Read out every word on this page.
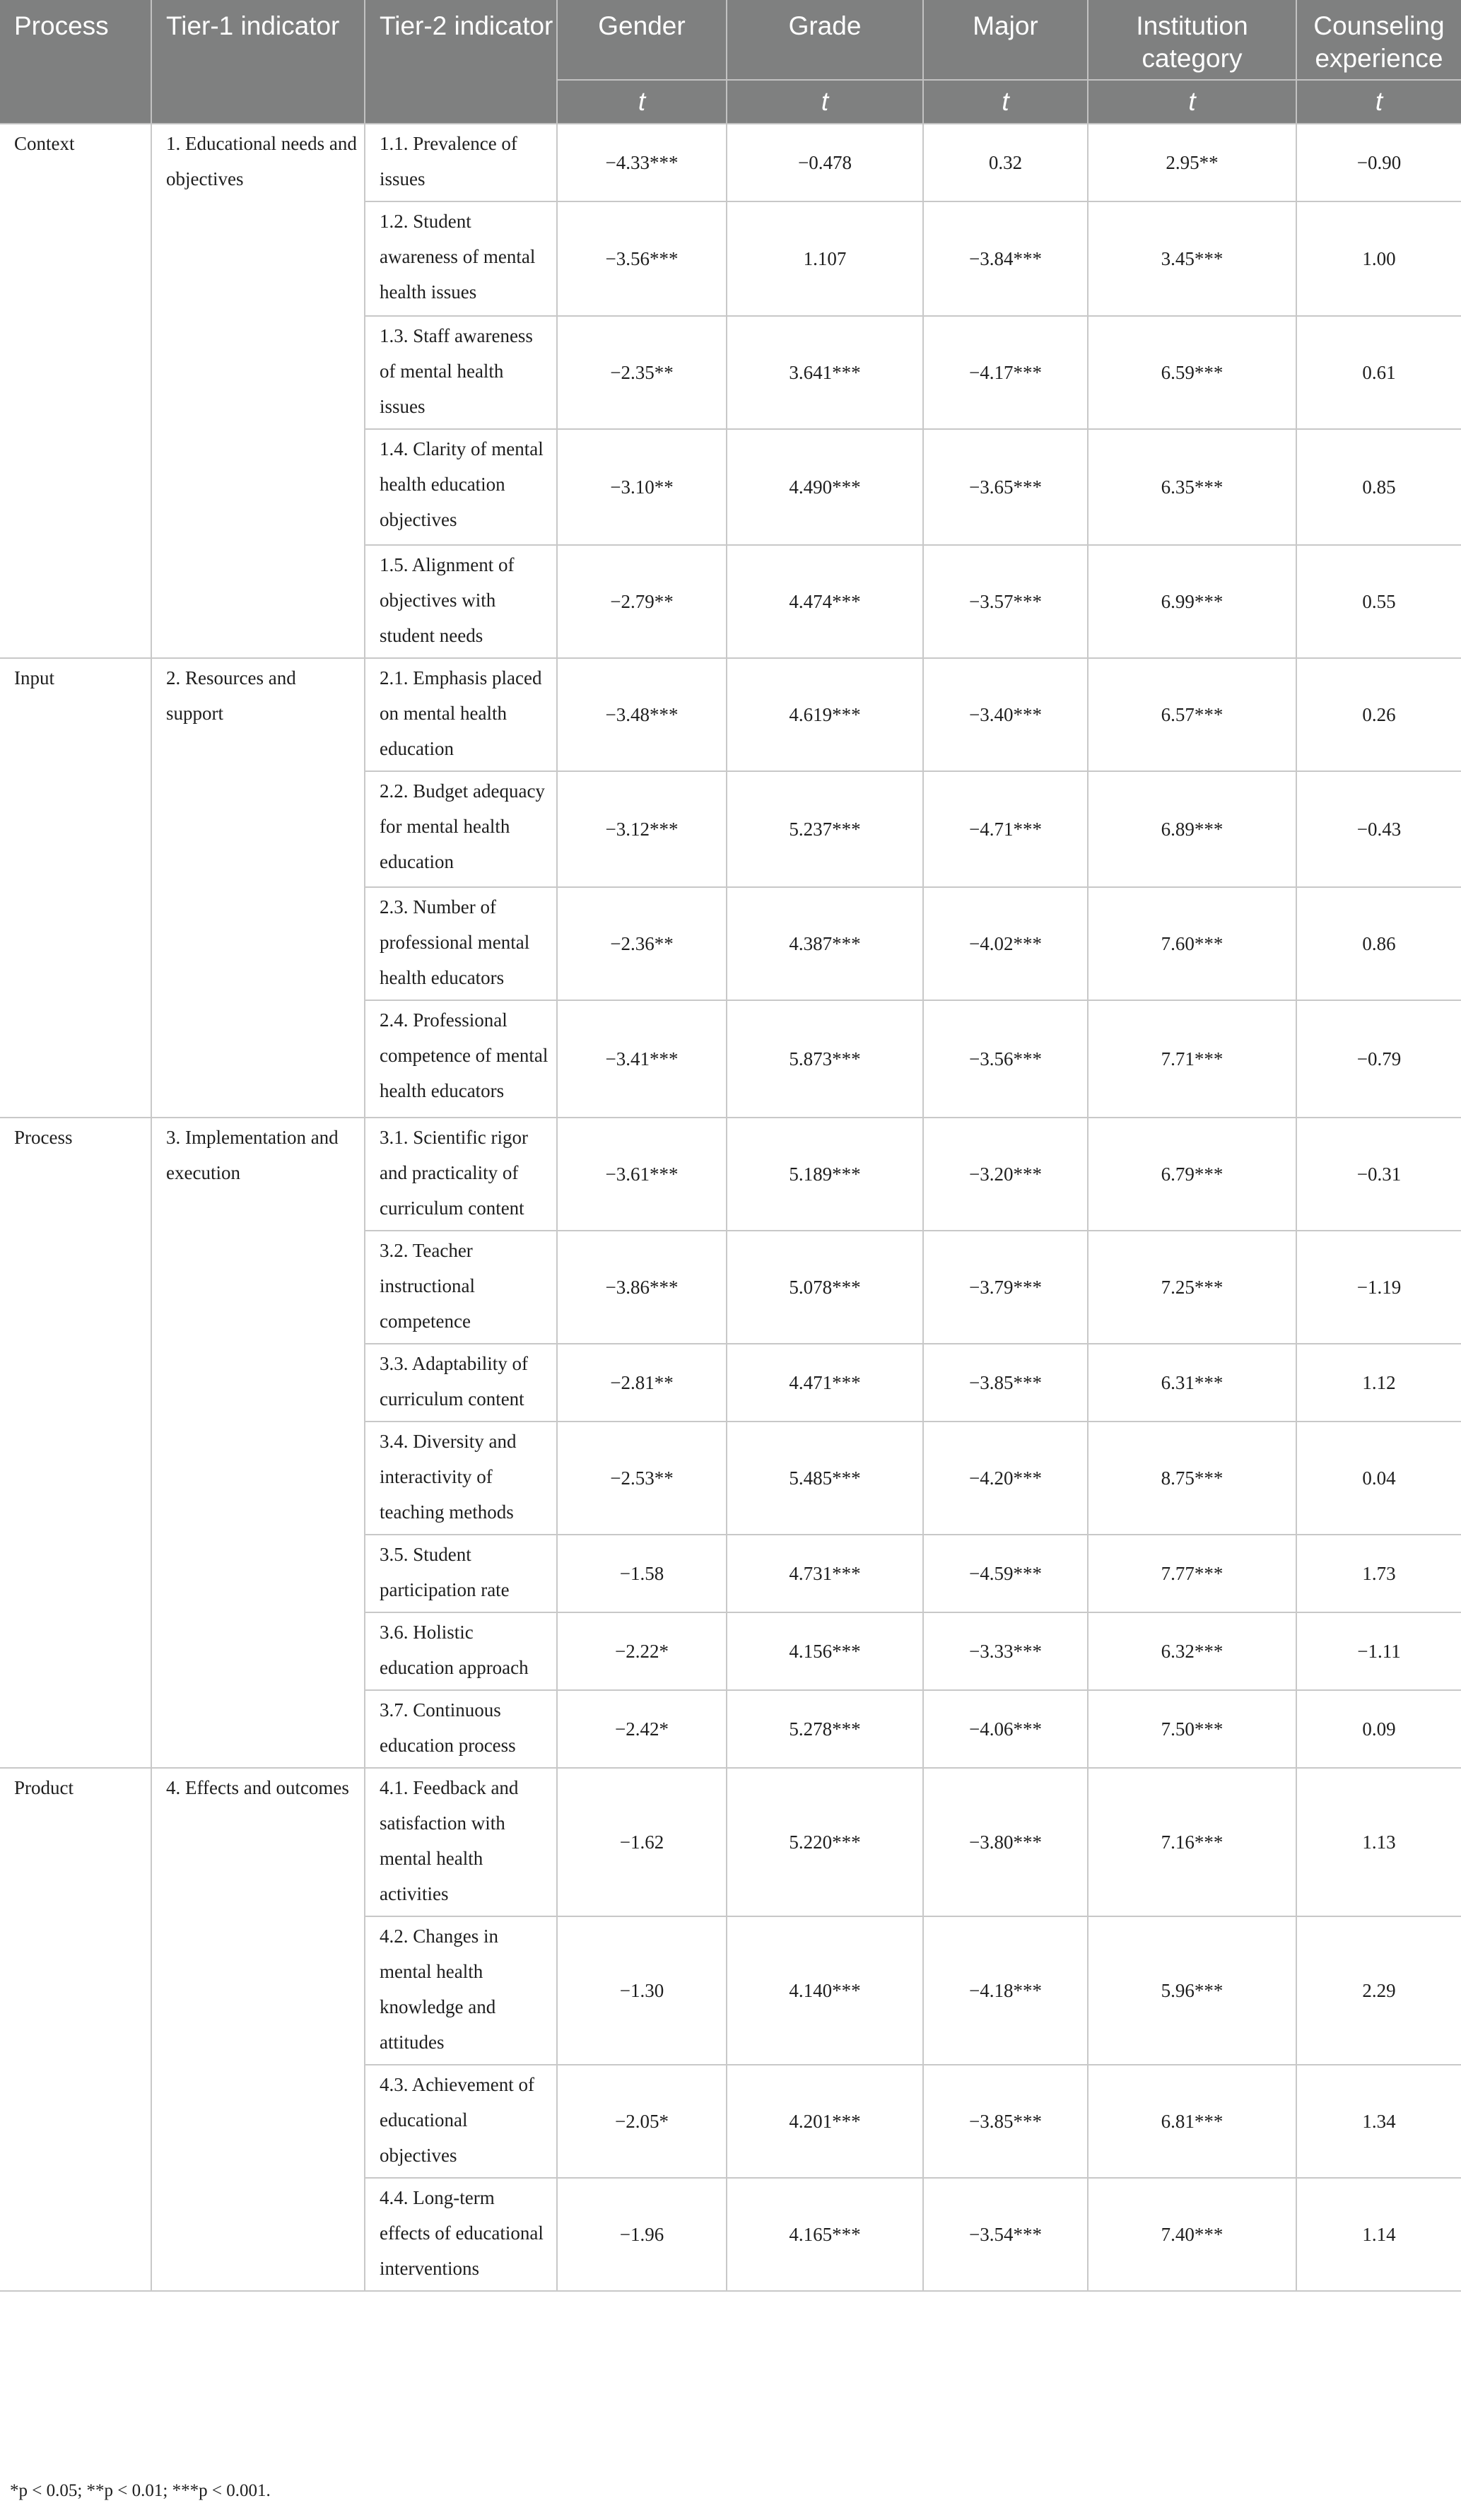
Process	Tier-1 indicator	Tier-2 indicator	Gender	Grade	Major	Institution category	Counseling experience
			t	t	t	t	t
Context	1. Educational needs and objectives	1.1. Prevalence of issues	−4.33***	−0.478	0.32	2.95**	−0.90
		1.2. Student awareness of mental health issues	−3.56***	1.107	−3.84***	3.45***	1.00
		1.3. Staff awareness of mental health issues	−2.35**	3.641***	−4.17***	6.59***	0.61
		1.4. Clarity of mental health education objectives	−3.10**	4.490***	−3.65***	6.35***	0.85
		1.5. Alignment of objectives with student needs	−2.79**	4.474***	−3.57***	6.99***	0.55
Input	2. Resources and support	2.1. Emphasis placed on mental health education	−3.48***	4.619***	−3.40***	6.57***	0.26
		2.2. Budget adequacy for mental health education	−3.12***	5.237***	−4.71***	6.89***	−0.43
		2.3. Number of professional mental health educators	−2.36**	4.387***	−4.02***	7.60***	0.86
		2.4. Professional competence of mental health educators	−3.41***	5.873***	−3.56***	7.71***	−0.79
Process	3. Implementation and execution	3.1. Scientific rigor and practicality of curriculum content	−3.61***	5.189***	−3.20***	6.79***	−0.31
		3.2. Teacher instructional competence	−3.86***	5.078***	−3.79***	7.25***	−1.19
		3.3. Adaptability of curriculum content	−2.81**	4.471***	−3.85***	6.31***	1.12
		3.4. Diversity and interactivity of teaching methods	−2.53**	5.485***	−4.20***	8.75***	0.04
		3.5. Student participation rate	−1.58	4.731***	−4.59***	7.77***	1.73
		3.6. Holistic education approach	−2.22*	4.156***	−3.33***	6.32***	−1.11
		3.7. Continuous education process	−2.42*	5.278***	−4.06***	7.50***	0.09
Product	4. Effects and outcomes	4.1. Feedback and satisfaction with mental health activities	−1.62	5.220***	−3.80***	7.16***	1.13
		4.2. Changes in mental health knowledge and attitudes	−1.30	4.140***	−4.18***	5.96***	2.29
		4.3. Achievement of educational objectives	−2.05*	4.201***	−3.85***	6.81***	1.34
		4.4. Long-term effects of educational interventions	−1.96	4.165***	−3.54***	7.40***	1.14

*p < 0.05; **p < 0.01; ***p < 0.001.
